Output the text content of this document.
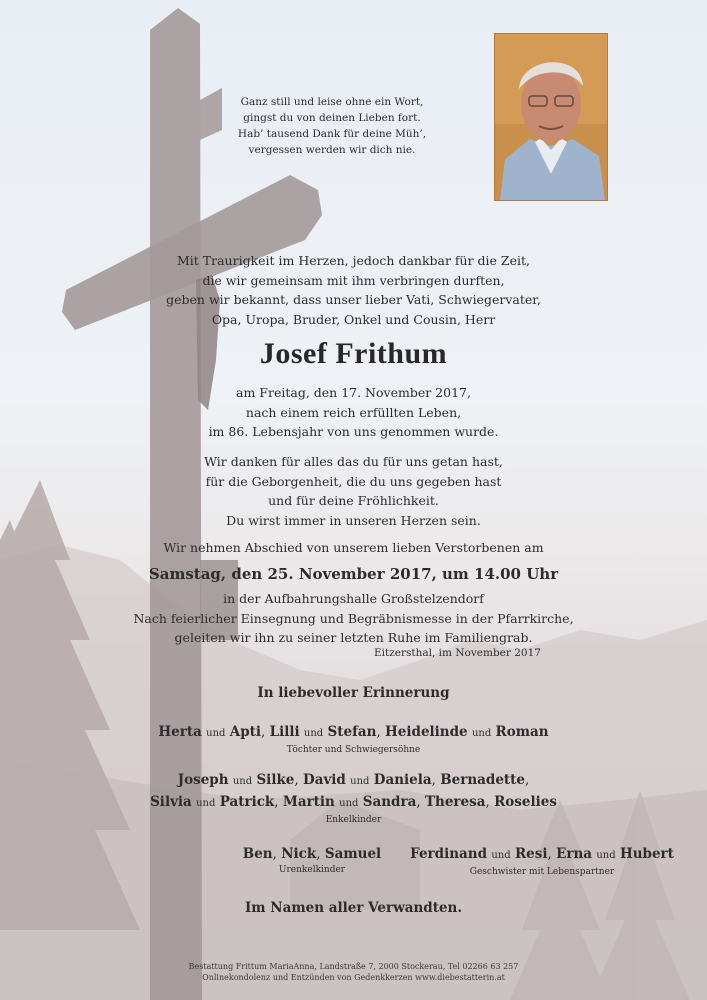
Ganz still und leise ohne ein Wort,
gingst du von deinen Lieben fort.
Hab’ tausend Dank für deine Müh’,
vergessen werden wir dich nie.
Mit Traurigkeit im Herzen, jedoch dankbar für die Zeit,
die wir gemeinsam mit ihm verbringen durften,
geben wir bekannt, dass unser lieber Vati, Schwiegervater,
Opa, Uropa, Bruder, Onkel und Cousin, Herr
Josef Frithum
am Freitag, den 17. November 2017,
nach einem reich erfüllten Leben,
im 86. Lebensjahr von uns genommen wurde.
Wir danken für alles das du für uns getan hast,
für die Geborgenheit, die du uns gegeben hast
und für deine Fröhlichkeit.
Du wirst immer in unseren Herzen sein.
Wir nehmen Abschied von unserem lieben Verstorbenen am
Samstag, den 25. November 2017, um 14.00 Uhr
in der Aufbahrungshalle Großstelzendorf
Nach feierlicher Einsegnung und Begräbnismesse in der Pfarrkirche,
geleiten wir ihn zu seiner letzten Ruhe im Familiengrab.
Eitzersthal, im November 2017
In liebevoller Erinnerung
Herta und Apti, Lilli und Stefan, Heidelinde und Roman
Töchter und Schwiegersöhne
Joseph und Silke, David und Daniela, Bernadette,
Silvia und Patrick, Martin und Sandra, Theresa, Roselies
Enkelkinder
Ben, Nick, Samuel
Urenkelkinder
Ferdinand und Resi, Erna und Hubert
Geschwister mit Lebenspartner
Im Namen aller Verwandten.
Bestattung Frittum MariaAnna, Landstraße 7, 2000 Stockerau, Tel 02266 63 257
Onlinekondolenz und Entzünden von Gedenkkerzen www.diebestatterin.at
